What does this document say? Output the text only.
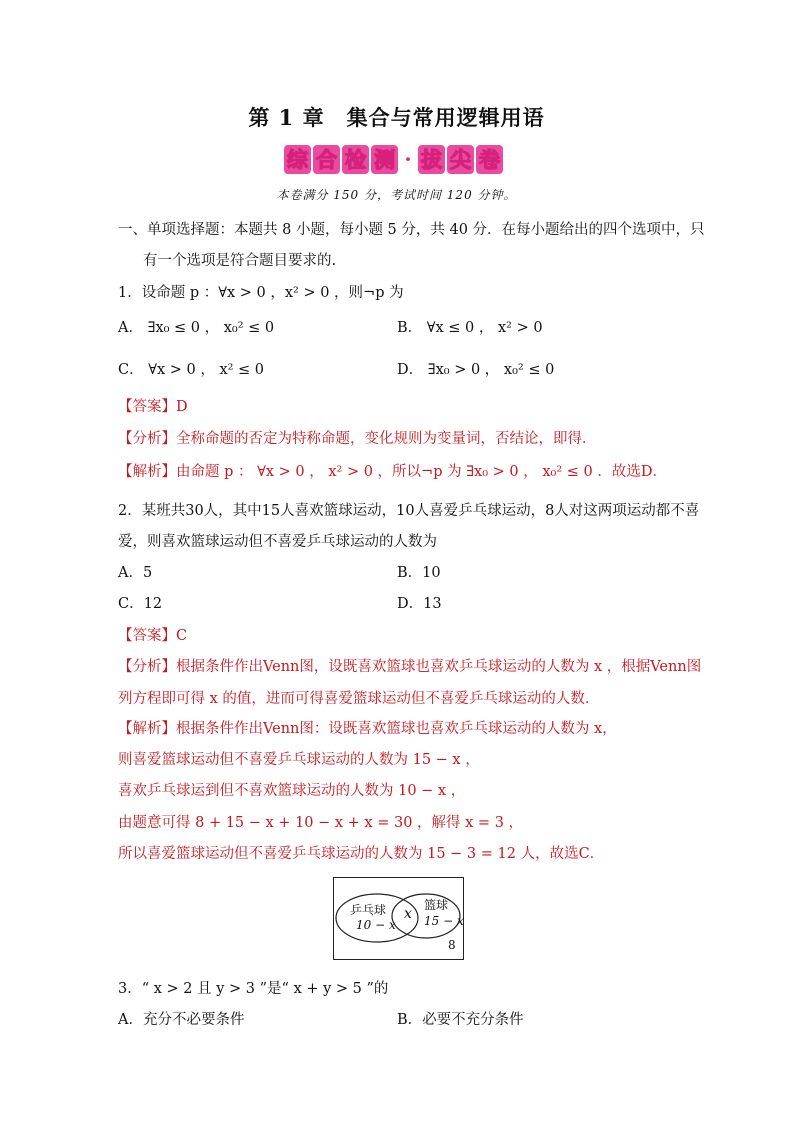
第 1 章　集合与常用逻辑用语
综 合 检 测 · 拔 尖 卷
本卷满分 150 分，考试时间 120 分钟。
一、单项选择题：本题共 8 小题，每小题 5 分，共 40 分．在每小题给出的四个选项中，只
有一个选项是符合题目要求的.
1．设命题 p ：∀x > 0 ，x² > 0 ，则¬p 为
A． ∃x₀ ≤ 0 ， x₀² ≤ 0	B． ∀x ≤ 0 ， x² > 0
C． ∀x > 0 ， x² ≤ 0	D． ∃x₀ > 0 ， x₀² ≤ 0
【答案】D
【分析】全称命题的否定为特称命题，变化规则为变量词，否结论，即得．
【解析】由命题 p ： ∀x > 0 ， x² > 0 ，所以¬p 为 ∃x₀ > 0 ， x₀² ≤ 0 ．故选D．
2．某班共30人，其中15人喜欢篮球运动，10人喜爱乒乓球运动，8人对这两项运动都不喜
爱，则喜欢篮球运动但不喜爱乒乓球运动的人数为
A．5	B．10
C．12	D．13
【答案】C
【分析】根据条件作出Venn图，设既喜欢篮球也喜欢乒乓球运动的人数为 x ，根据Venn图
列方程即可得 x 的值，进而可得喜爱篮球运动但不喜爱乒乓球运动的人数．
【解析】根据条件作出Venn图：设既喜欢篮球也喜欢乒乓球运动的人数为 x，
则喜爱篮球运动但不喜爱乒乓球运动的人数为 15 − x ，
喜欢乒乓球运到但不喜欢篮球运动的人数为 10 − x ，
由题意可得 8 + 15 − x + 10 − x + x = 30 ，解得 x = 3 ，
所以喜爱篮球运动但不喜爱乒乓球运动的人数为 15 − 3 = 12 人，故选C．
乒乓球
10 − x
x
篮球
15 − x
8
3．“ x > 2 且 y > 3 ”是“ x + y > 5 ”的
A．充分不必要条件	B．必要不充分条件
